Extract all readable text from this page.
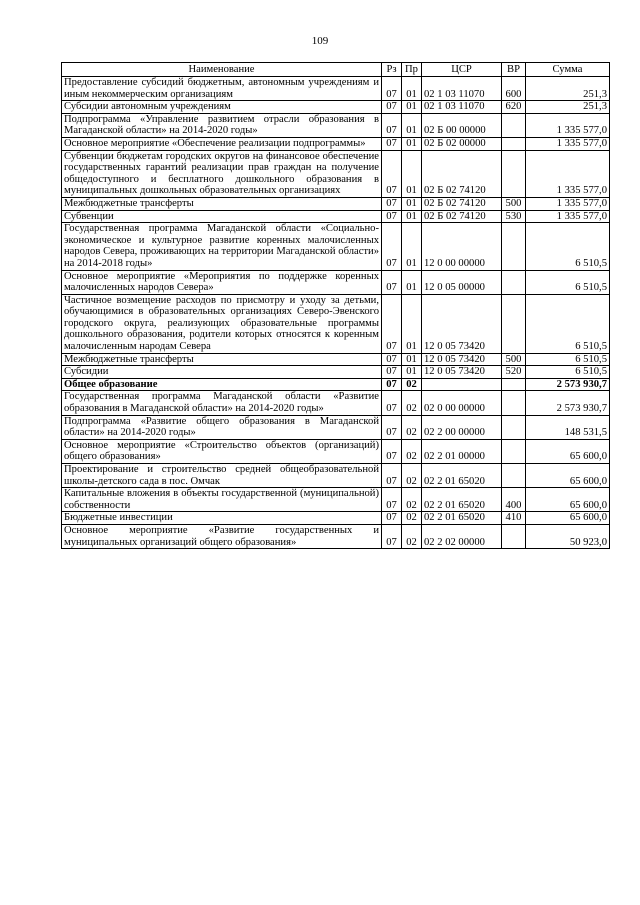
109
Наименование	Рз	Пр	ЦСР	ВР	Сумма
Предоставление субсидий бюджетным, автономным учреждениям и иным некоммерческим организациям	07	01	02 1 03 11070	600	251,3
Субсидии автономным учреждениям	07	01	02 1 03 11070	620	251,3
Подпрограмма «Управление развитием отрасли образования в Магаданской области» на 2014-2020 годы»	07	01	02 Б 00 00000		1 335 577,0
Основное мероприятие «Обеспечение реализации подпрограммы»	07	01	02 Б 02 00000		1 335 577,0
Субвенции бюджетам городских округов на финансовое обеспечение государственных гарантий реализации прав граждан на получение общедоступного и бесплатного дошкольного образования в муниципальных дошкольных образовательных организациях	07	01	02 Б 02 74120		1 335 577,0
Межбюджетные трансферты	07	01	02 Б 02 74120	500	1 335 577,0
Субвенции	07	01	02 Б 02 74120	530	1 335 577,0
Государственная программа Магаданской области «Социально-экономическое и культурное развитие коренных малочисленных народов Севера, проживающих на территории Магаданской области» на 2014-2018 годы»	07	01	12 0 00 00000		6 510,5
Основное мероприятие «Мероприятия по поддержке коренных малочисленных народов Севера»	07	01	12 0 05 00000		6 510,5
Частичное возмещение расходов по присмотру и уходу за детьми, обучающимися в образовательных организациях Северо-Эвенского городского округа, реализующих образовательные программы дошкольного образования, родители которых относятся к коренным малочисленным народам Севера	07	01	12 0 05 73420		6 510,5
Межбюджетные трансферты	07	01	12 0 05 73420	500	6 510,5
Субсидии	07	01	12 0 05 73420	520	6 510,5
Общее образование	07	02			2 573 930,7
Государственная программа Магаданской области «Развитие образования в Магаданской области» на 2014-2020 годы»	07	02	02 0 00 00000		2 573 930,7
Подпрограмма «Развитие общего образования в Магаданской области» на 2014-2020 годы»	07	02	02 2 00 00000		148 531,5
Основное мероприятие «Строительство объектов (организаций) общего образования»	07	02	02 2 01 00000		65 600,0
Проектирование и строительство средней общеобразовательной школы-детского сада в пос. Омчак	07	02	02 2 01 65020		65 600,0
Капитальные вложения в объекты государственной (муниципальной) собственности	07	02	02 2 01 65020	400	65 600,0
Бюджетные инвестиции	07	02	02 2 01 65020	410	65 600,0
Основное мероприятие «Развитие государственных и муниципальных организаций общего образования»	07	02	02 2 02 00000		50 923,0
